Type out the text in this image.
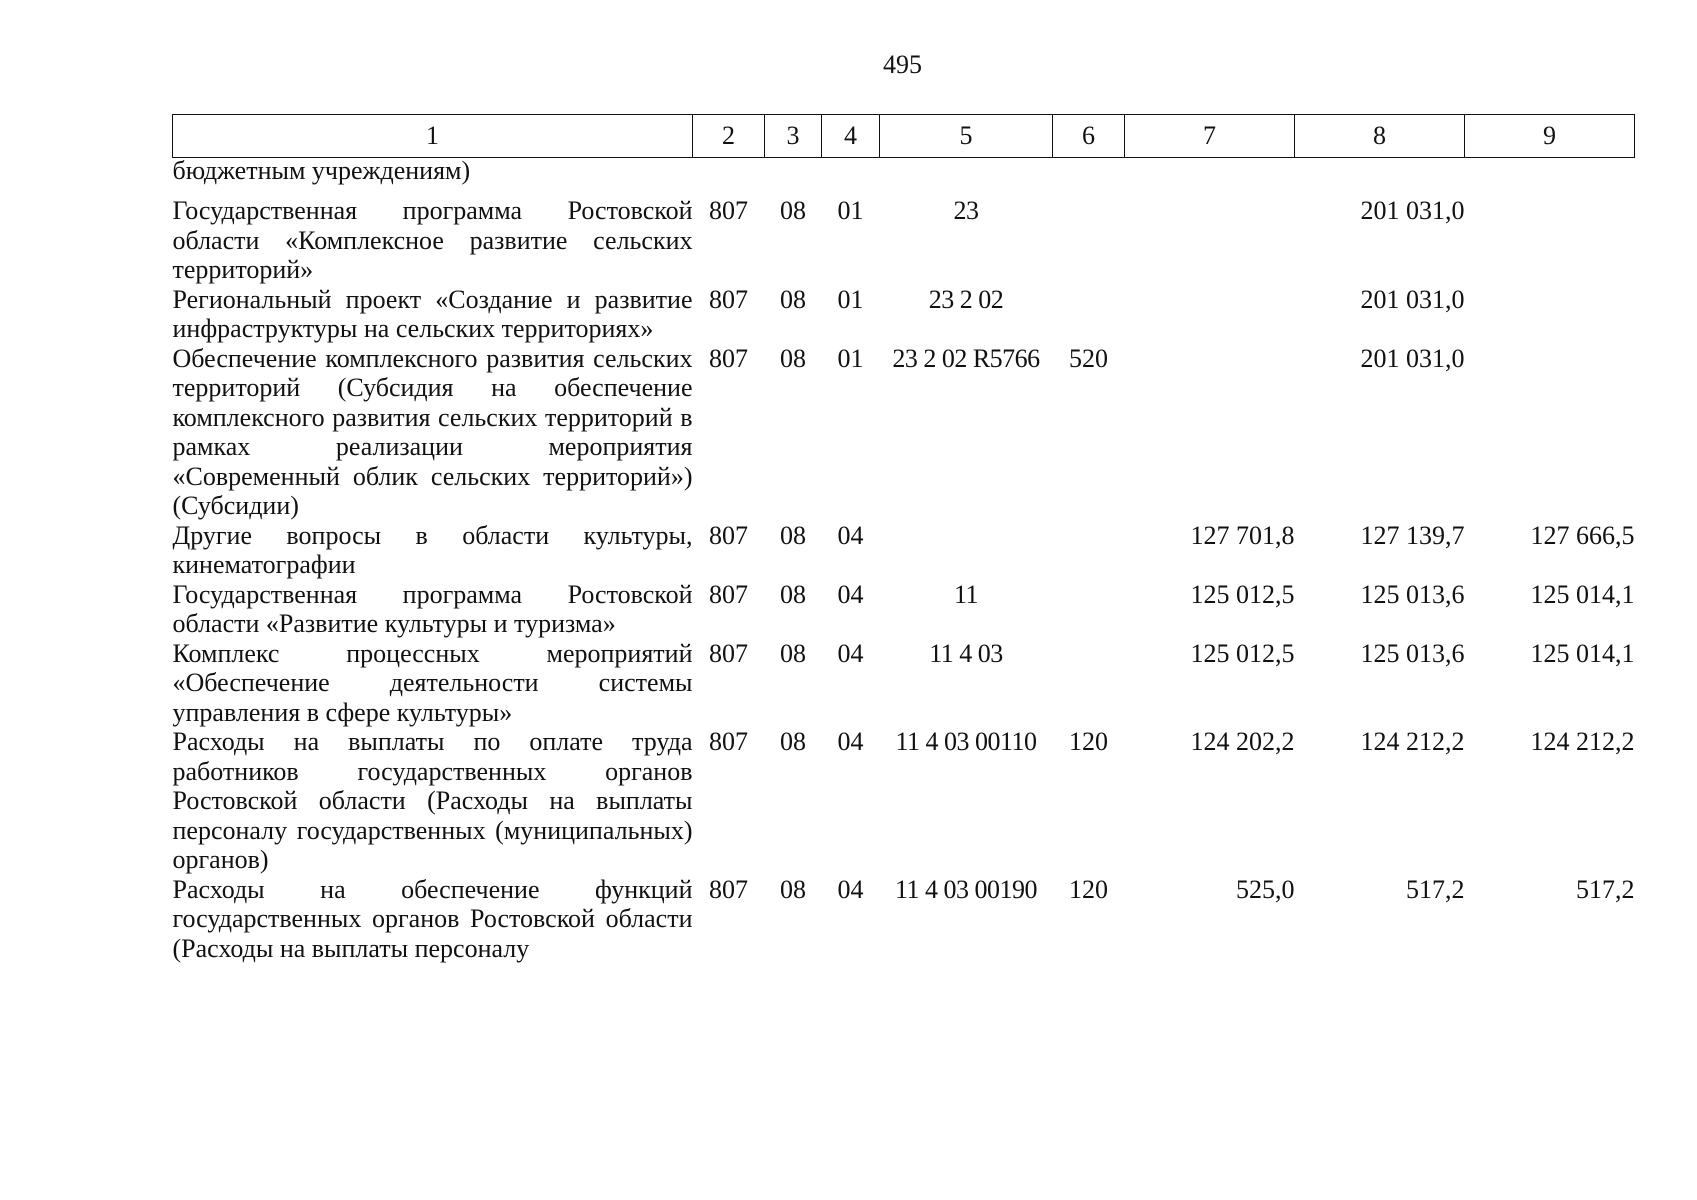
495
1	2	3	4	5	6	7	8	9
бюджетным учреждениям)								
Государственная программа Ростовской области «Комплексное развитие сельских территорий»	807	08	01	23			201 031,0	
Региональный проект «Создание и развитие инфраструктуры на сельских территориях»	807	08	01	23 2 02			201 031,0	
Обеспечение комплексного развития сельских территорий (Субсидия на обеспечение комплексного развития сельских территорий в рамках реализации мероприятия «Современный облик сельских территорий») (Субсидии)	807	08	01	23 2 02 R5766	520		201 031,0	
Другие вопросы в области культуры, кинематографии	807	08	04			127 701,8	127 139,7	127 666,5
Государственная программа Ростовской области «Развитие культуры и туризма»	807	08	04	11		125 012,5	125 013,6	125 014,1
Комплекс процессных мероприятий «Обеспечение деятельности системы управления в сфере культуры»	807	08	04	11 4 03		125 012,5	125 013,6	125 014,1
Расходы на выплаты по оплате труда работников государственных органов Ростовской области (Расходы на выплаты персоналу государственных (муниципальных) органов)	807	08	04	11 4 03 00110	120	124 202,2	124 212,2	124 212,2
Расходы на обеспечение функций государственных органов Ростовской области (Расходы на выплаты персоналу	807	08	04	11 4 03 00190	120	525,0	517,2	517,2
